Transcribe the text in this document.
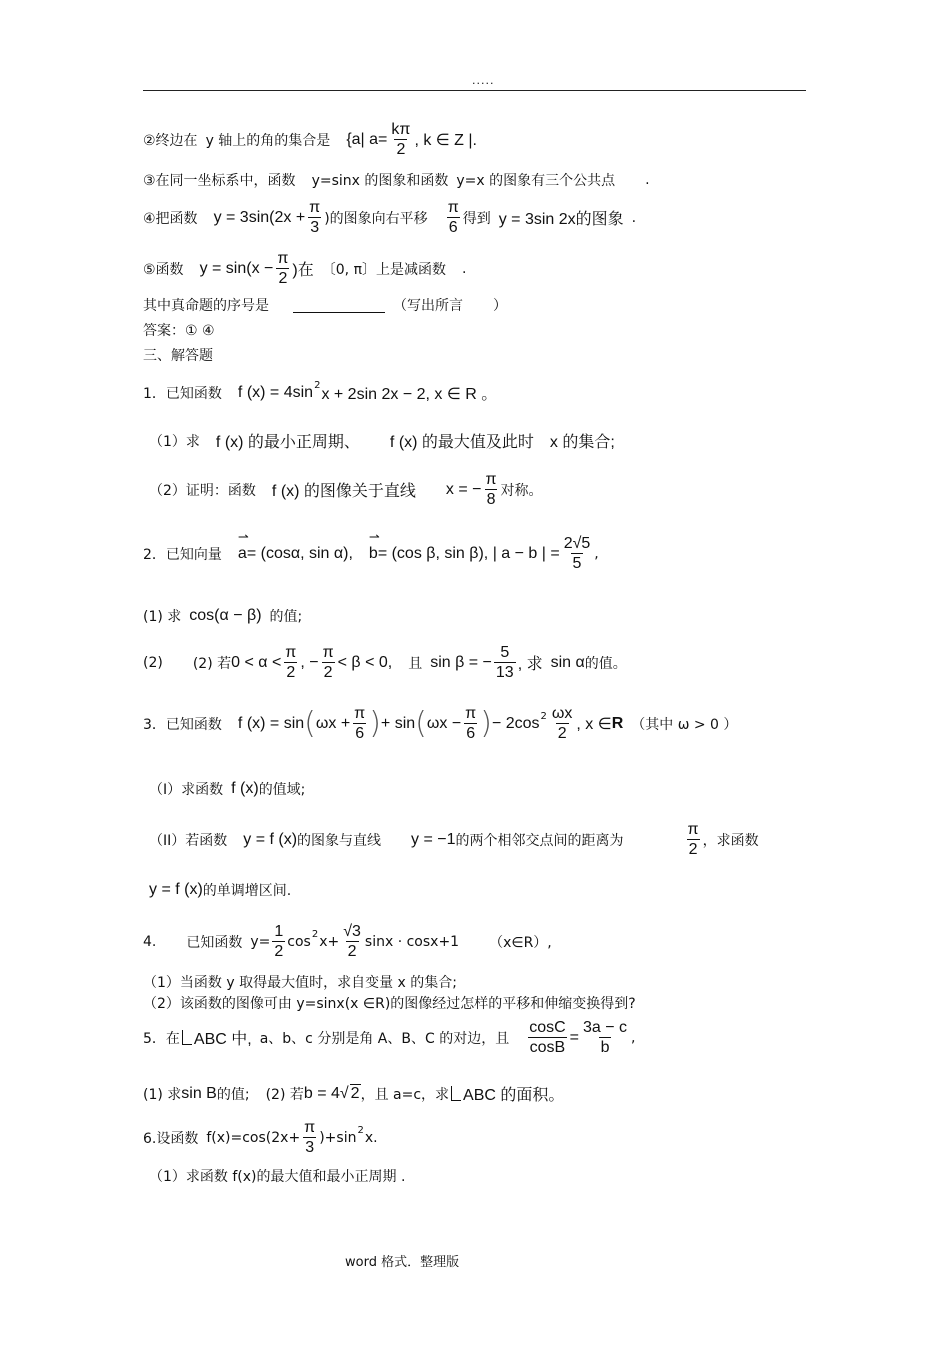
.....
②终边在 y 轴上的角的集合是 {a| $a= \frac{k\pi}{2}$ , k ∈ Z |.
③在同一坐标系中，函数 y=sinx 的图象和函数 y=x 的图象有三个公共点 .
④把函数 $y = 3\sin(2x + \frac{\pi}{3}$ )的图象向右平移 $\frac{\pi}{6}$ 得到 y = 3sin 2x的图象 .
⑤函数 $y = \sin(x - \frac{\pi}{2}$ )在 〔0, π〕上是减函数 .
其中真命题的序号是	（写出所言 ）
答案：① ④
三、解答题
1．已知函数 f (x) = 4sin 2
x + 2sin 2x − 2, x ∈ R 。
（1）求 f (x) 的最小正周期、 f (x) 的最大值及此时 x 的集合;
（2）证明：函数 f (x) 的图像关于直线 x = − $\frac{\pi}{8}$ 对称。
2．已知向量 ⇀ a = (cosα, sin α), ⇀ b = (cos β, sin β), | a − b | = $\frac{2√5}{5}$ ,
(1) 求 cos(α − β) 的值;
(2) (2) 若 $0 < \alpha < \frac{\pi}{2}$ , − $\frac{\pi}{2} < \beta < 0$, 且 sin β = − $\frac{5}{13}$ , 求 sin α 的值。
3．已知函数 f (x) = sin ( $\omega x + \frac{\pi}{6}$ ) + sin ( $\omega x - \frac{\pi}{6}$ ) − 2cos $2 \frac{\omega x}{2}$ , x ∈ R （其中 ω > 0 ）
（I）求函数 f (x) 的值域;
（II）若函数 y = f (x) 的图象与直线 y = −1 的两个相邻交点间的距离为	$\frac{\pi}{2}$ ，求函数
y = f (x) 的单调增区间.
4. 已知函数 $y= \frac{1}{2}$ cos 2 $x+ \frac{√3}{2}$ sinx · cosx+1 （x∈R）,
（1）当函数 y 取得最大值时，求自变量 x 的集合;
（2）该函数的图像可由 y=sinx(x ∈R)的图像经过怎样的平移和伸缩变换得到?
5．在 ABC 中, a、b、c 分别是角 A、B、C 的对边，且 $\frac{\cos C}{\cos B} = \frac{3a - c}{b}$ ,
(1) 求 sin B 的值; (2) 若 b = 4 √ 2 ，且 a=c，求 ABC 的面积。
6.设函数 $f(x)=\cos(2x+ \frac{\pi}{3} )+\sin$ 2 x.
（1）求函数 f(x)的最大值和最小正周期 .
word 格式．整理版
